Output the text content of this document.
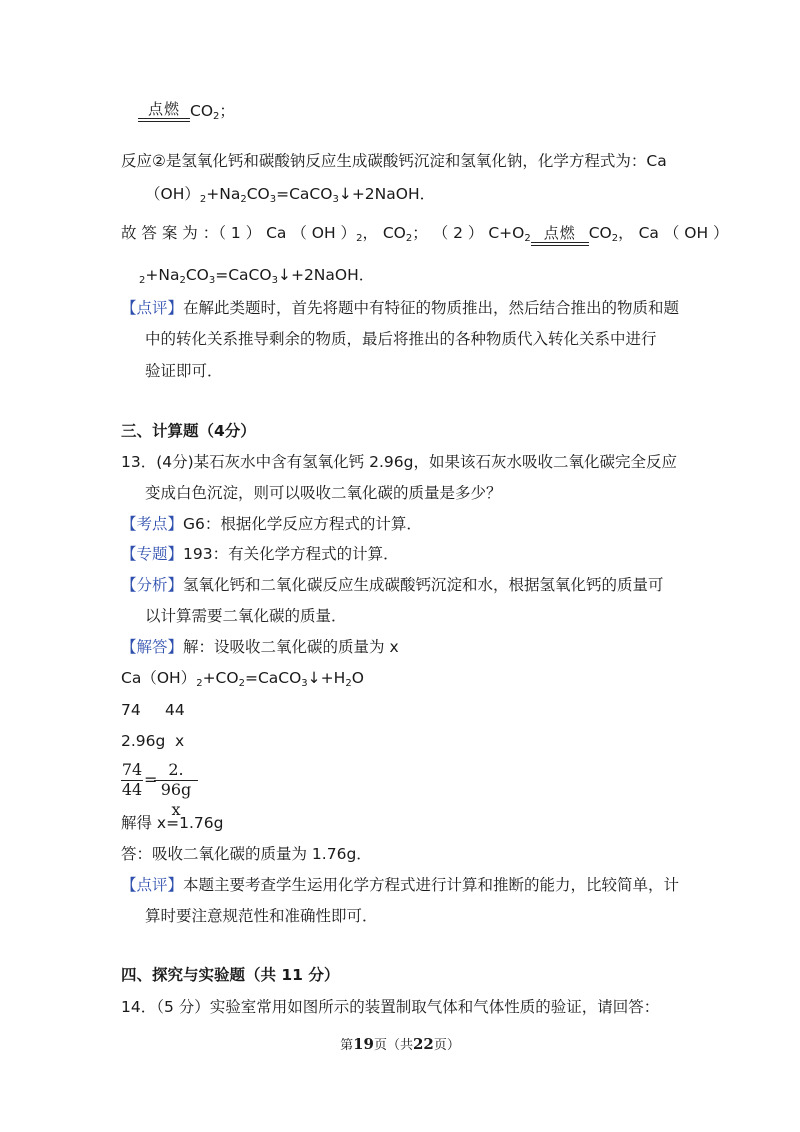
点燃 $CO_2$；
反应②是氢氧化钙和碳酸钠反应生成碳酸钙沉淀和氢氧化钠，化学方程式为：Ca
$(OH)_2+Na_2CO_3=CaCO_3↓+2NaOH$．
故 答 案 为 ：（ 1 ） Ca （ OH ）$_2$， $CO_2$； （ 2 ） $C+O_2$ 点燃 $CO_2$， Ca （ OH ）
$_2+Na_2CO_3=CaCO_3↓+2NaOH$．
【点评】在解此类题时，首先将题中有特征的物质推出，然后结合推出的物质和题
中的转化关系推导剩余的物质，最后将推出的各种物质代入转化关系中进行
验证即可．
三、计算题（4分）
13．(4分)某石灰水中含有氢氧化钙 2.96g，如果该石灰水吸收二氧化碳完全反应
变成白色沉淀，则可以吸收二氧化碳的质量是多少？
【考点】G6：根据化学反应方程式的计算．
【专题】193：有关化学方程式的计算．
【分析】氢氧化钙和二氧化碳反应生成碳酸钙沉淀和水，根据氢氧化钙的质量可
以计算需要二氧化碳的质量．
【解答】解：设吸收二氧化碳的质量为 x
$Ca(OH)_2+CO_2=CaCO_3↓+H_2O$
74 44
2.96g x
74
44
=
2. 96g
x
解得 x=1.76g
答：吸收二氧化碳的质量为 1.76g．
【点评】本题主要考查学生运用化学方程式进行计算和推断的能力，比较简单，计
算时要注意规范性和准确性即可．
四、探究与实验题（共 11 分）
14．（5 分）实验室常用如图所示的装置制取气体和气体性质的验证，请回答：
第19页（共22页）
